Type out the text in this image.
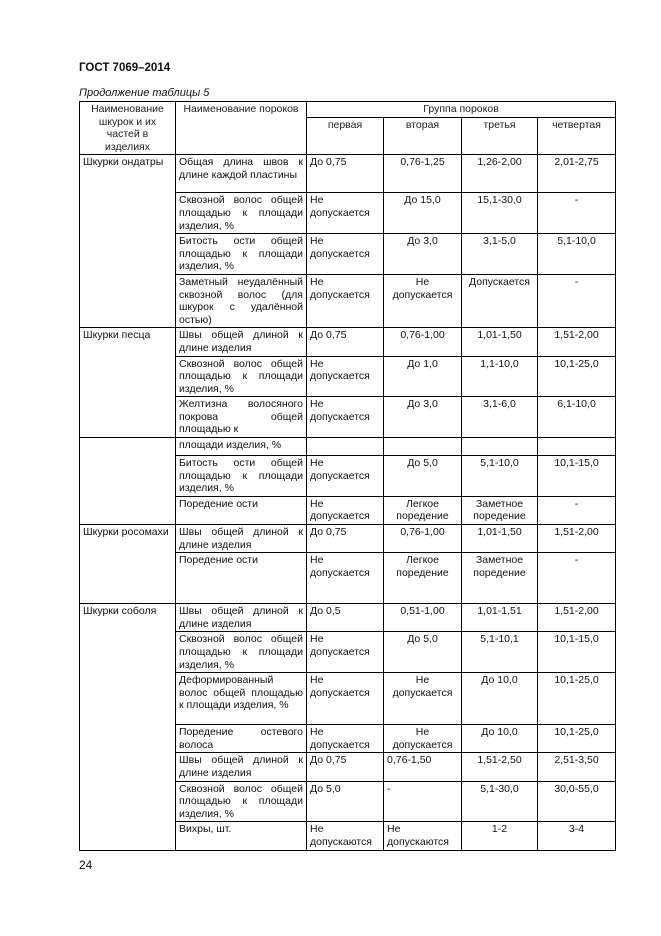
ГОСТ 7069–2014
Продолжение таблицы 5
Наименование шкурок и их частей в изделиях	Наименование пороков	Группа пороков			
		первая	вторая	третья	четвертая
Шкурки ондатры	Общая длина швов к длине каждой пластины	До 0,75	0,76-1,25	1,26-2,00	2,01-2,75
	Сквозной волос общей площадью к площади изделия, %	Не допускается	До 15,0	15,1-30,0	-
	Битость ости общей площадью к площади изделия, %	Не допускается	До 3,0	3,1-5,0	5,1-10,0
	Заметный неудалённый сквозной волос (для шкурок с удалённой остью)	Не допускается	Не допускается	Допускается	-
Шкурки песца	Швы общей длиной к длине изделия	До 0,75	0,76-1,00	1,01-1,50	1,51-2,00
	Сквозной волос общей площадью к площади изделия, %	Не допускается	До 1,0	1,1-10,0	10,1-25,0
	Желтизна волосяного покрова общей площадью к	Не допускается	До 3,0	3,1-6,0	6,1-10,0
	площади изделия, %				
	Битость ости общей площадью к площади изделия, %	Не допускается	До 5,0	5,1-10,0	10,1-15,0
	Поредение ости	Не допускается	Легкое поредение	Заметное поредение	-
Шкурки росомахи	Швы общей длиной к длине изделия	До 0,75	0,76-1,00	1,01-1,50	1,51-2,00
	Поредение ости	Не допускается	Легкое поредение	Заметное поредение	-
Шкурки соболя	Швы общей длиной к длине изделия	До 0,5	0,51-1,00	1,01-1,51	1,51-2,00
	Сквозной волос общей площадью к площади изделия, %	Не допускается	До 5,0	5,1-10,1	10,1-15,0
	Деформированный волос общей площадью к площади изделия, %	Не допускается	Не допускается	До 10,0	10,1-25,0
	Поредение остевого волоса	Не допускается	Не допускается	До 10,0	10,1-25,0
	Швы общей длиной к длине изделия	До 0,75	0,76-1,50	1,51-2,50	2,51-3,50
	Сквозной волос общей площадью к площади изделия, %	До 5,0	-	5,1-30,0	30,0-55,0
	Вихры, шт.	Не допускаются	Не допускаются	1-2	3-4
24
